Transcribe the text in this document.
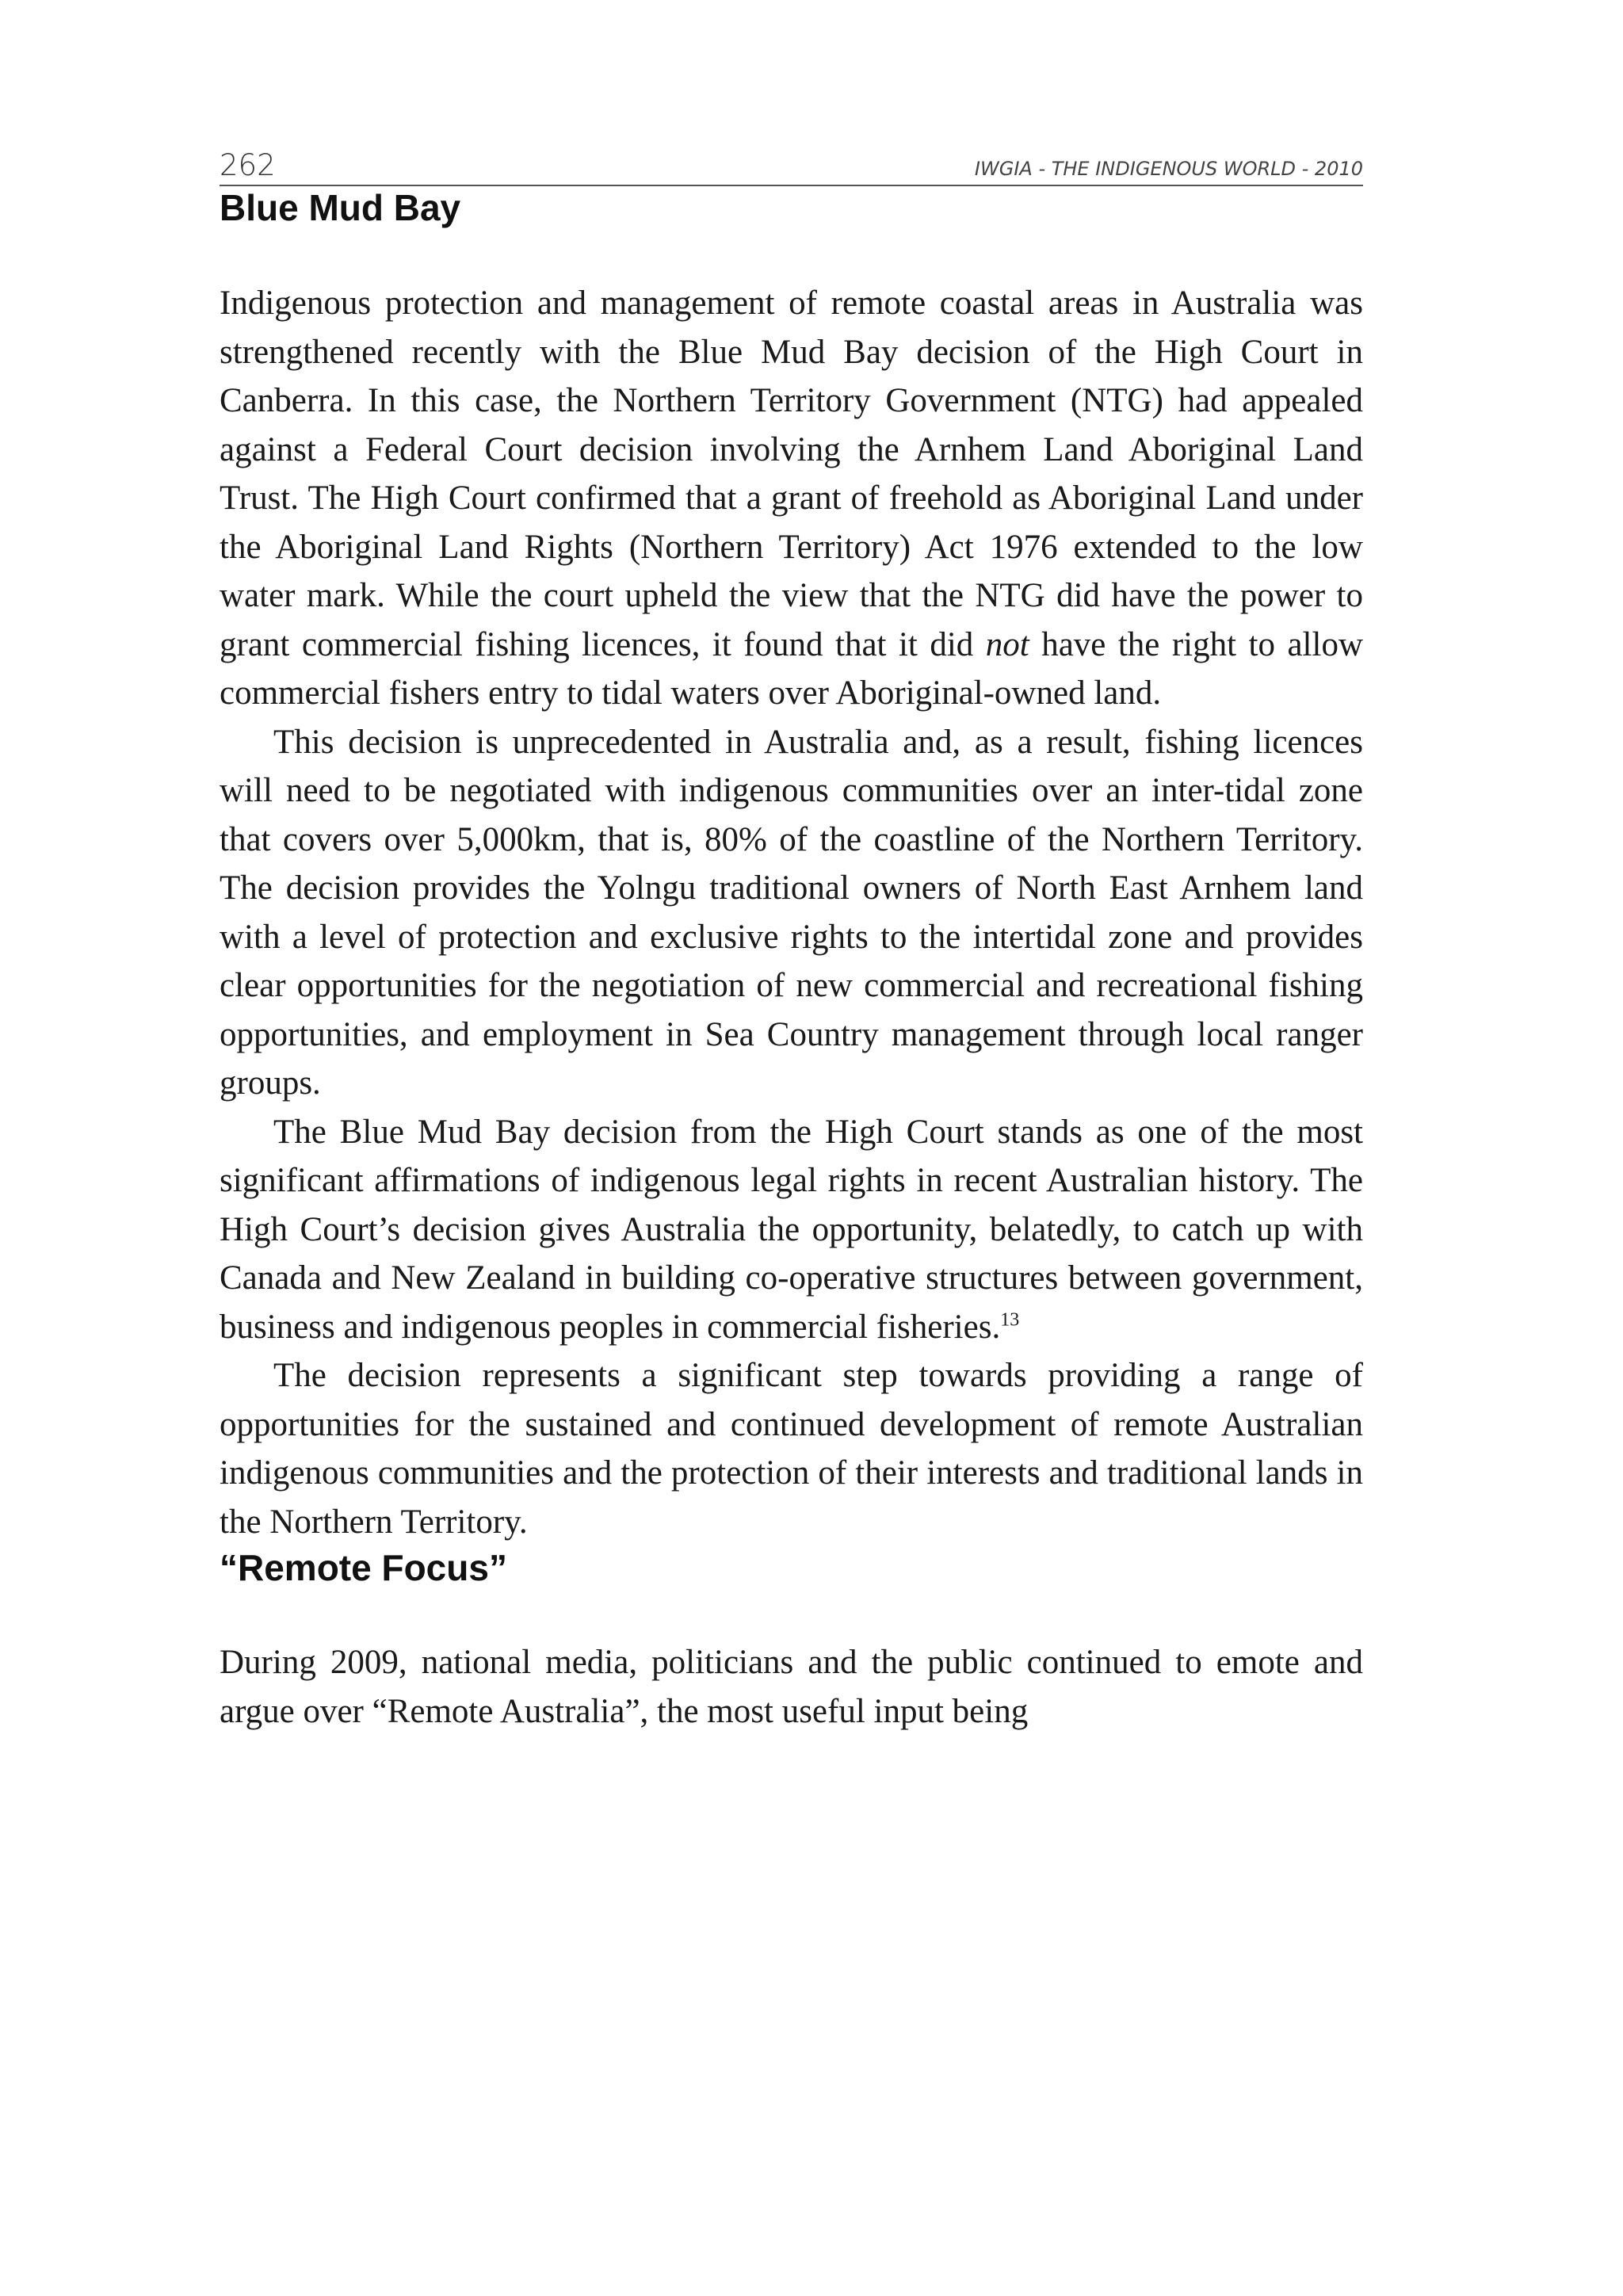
262	IWGIA - THE INDIGENOUS WORLD - 2010
Blue Mud Bay

Indigenous protection and management of remote coastal areas in Australia was strengthened recently with the Blue Mud Bay decision of the High Court in Canberra. In this case, the Northern Territory Government (NTG) had appealed against a Federal Court decision involving the Arnhem Land Aboriginal Land Trust. The High Court confirmed that a grant of freehold as Aboriginal Land under the Aboriginal Land Rights (Northern Territory) Act 1976 extended to the low water mark. While the court upheld the view that the NTG did have the power to grant commercial fishing licences, it found that it did not have the right to allow commercial fishers entry to tidal waters over Aboriginal-owned land.

This decision is unprecedented in Australia and, as a result, fishing licences will need to be negotiated with indigenous communities over an inter-tidal zone that covers over 5,000km, that is, 80% of the coastline of the Northern Territory. The decision provides the Yolngu traditional owners of North East Arnhem land with a level of protection and exclusive rights to the intertidal zone and provides clear opportunities for the negotiation of new commercial and recreational fishing opportunities, and employment in Sea Country management through local ranger groups.

The Blue Mud Bay decision from the High Court stands as one of the most significant affirmations of indigenous legal rights in recent Australian history. The High Court’s decision gives Australia the opportunity, belatedly, to catch up with Canada and New Zealand in building co-operative structures between government, business and indigenous peoples in commercial fisheries.$^{13}$

The decision represents a significant step towards providing a range of opportunities for the sustained and continued development of remote Australian indigenous communities and the protection of their interests and traditional lands in the Northern Territory.

“Remote Focus”

During 2009, national media, politicians and the public continued to emote and argue over “Remote Australia”, the most useful input being
